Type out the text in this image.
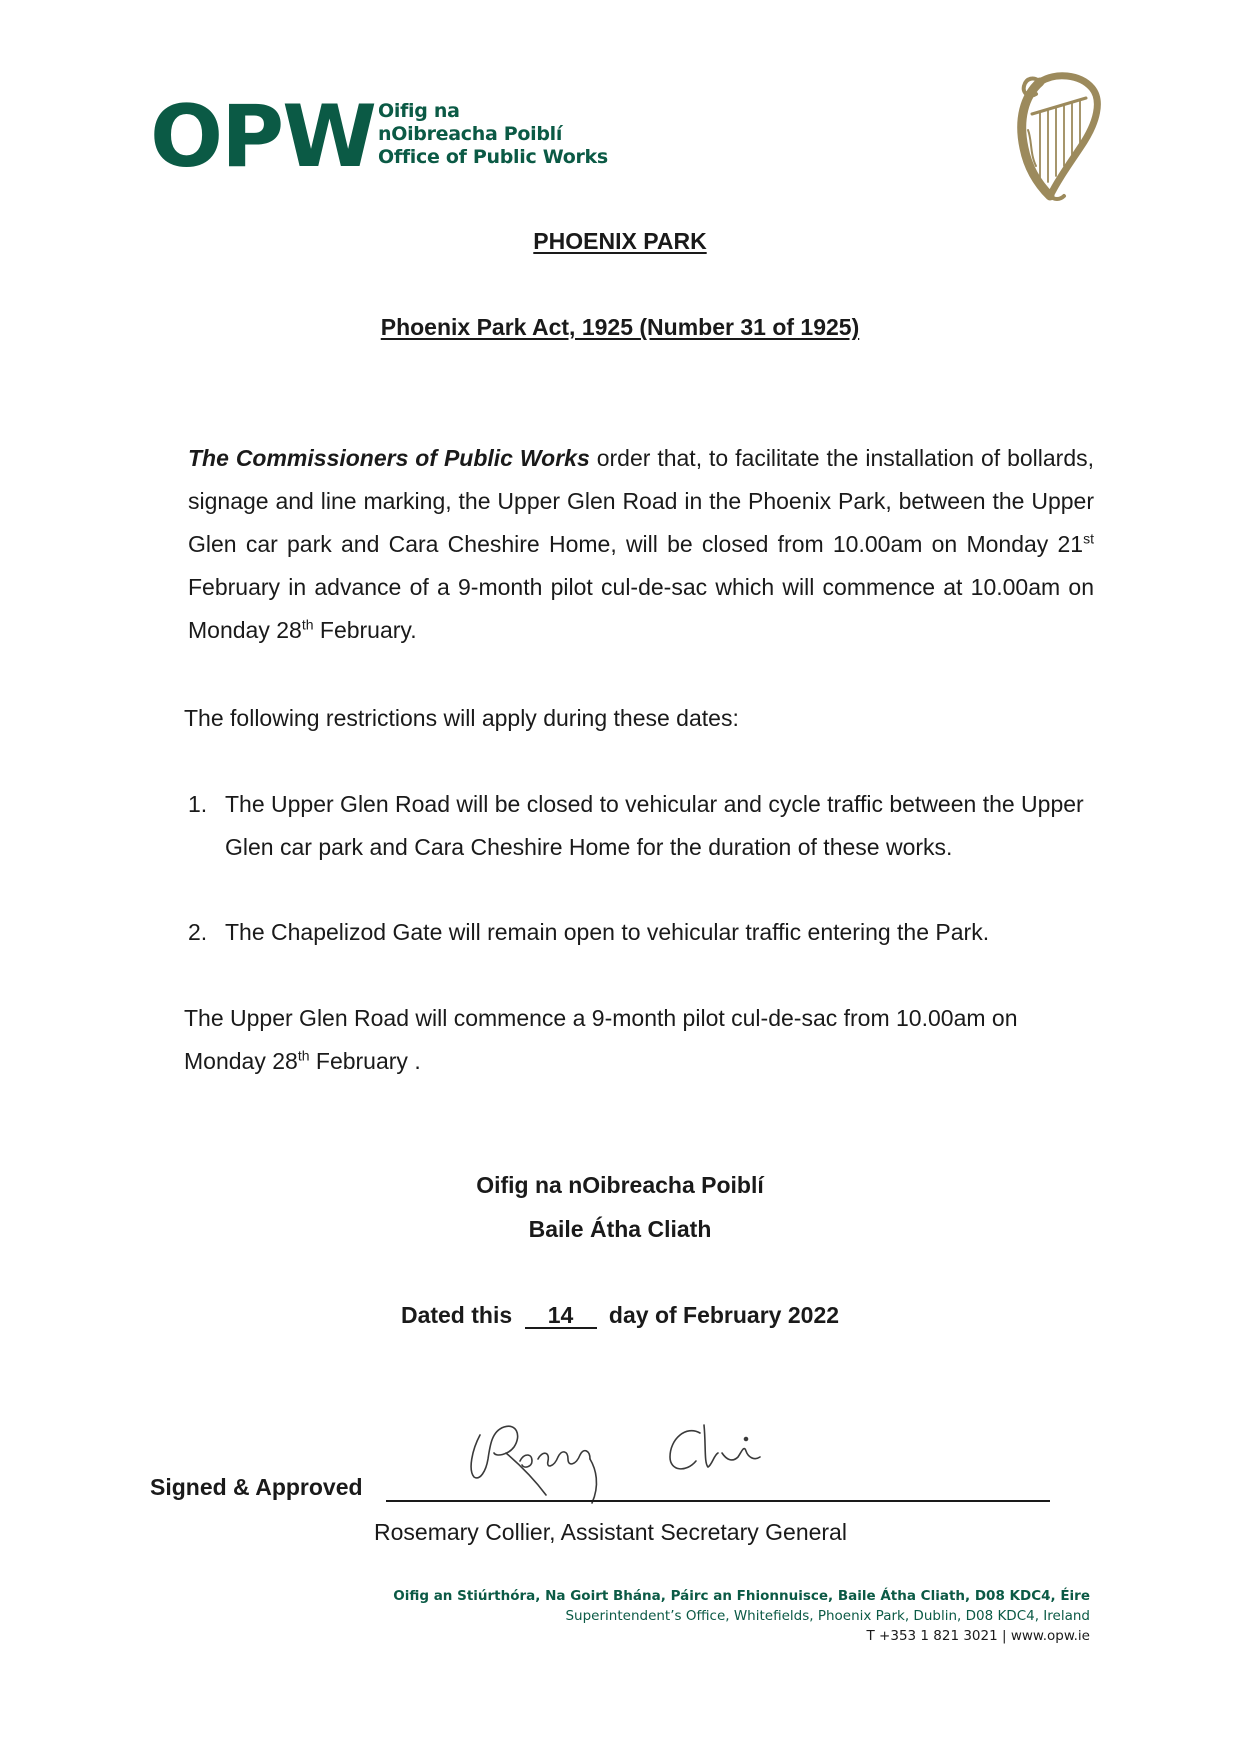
OPW Oifig na
nOibreacha Poiblí
Office of Public Works
PHOENIX PARK
Phoenix Park Act, 1925 (Number 31 of 1925)
The Commissioners of Public Works order that, to facilitate the installation of bollards, signage and line marking, the Upper Glen Road in the Phoenix Park, between the Upper Glen car park and Cara Cheshire Home, will be closed from 10.00am on Monday 21st February in advance of a 9-month pilot cul-de-sac which will commence at 10.00am on Monday 28th February.
The following restrictions will apply during these dates:
1. The Upper Glen Road will be closed to vehicular and cycle traffic between the Upper Glen car park and Cara Cheshire Home for the duration of these works.
2. The Chapelizod Gate will remain open to vehicular traffic entering the Park.
The Upper Glen Road will commence a 9-month pilot cul-de-sac from 10.00am on Monday 28th February .
Oifig na nOibreacha Poiblí
Baile Átha Cliath
Dated this 14 day of February 2022
Signed & Approved
Rosemary Collier, Assistant Secretary General
Oifig an Stiúrthóra, Na Goirt Bhána, Páirc an Fhionnuisce, Baile Átha Cliath, D08 KDC4, Éire
Superintendent’s Office, Whitefields, Phoenix Park, Dublin, D08 KDC4, Ireland
T +353 1 821 3021 | www.opw.ie
